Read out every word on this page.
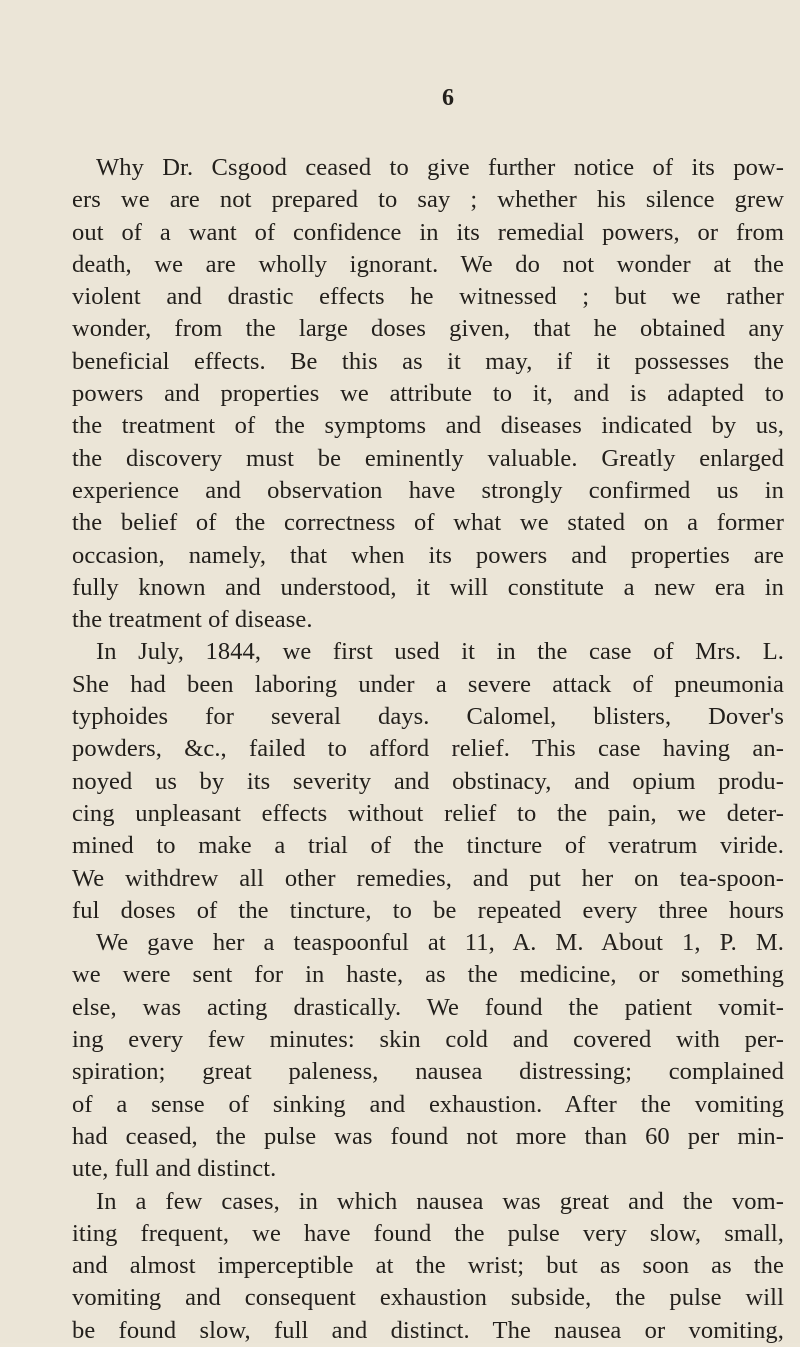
6

Why Dr. Csgood ceased to give further notice of its pow-
ers we are not prepared to say ; whether his silence grew
out of a want of confidence in its remedial powers, or from
death, we are wholly ignorant. We do not wonder at the
violent and drastic effects he witnessed ; but we rather
wonder, from the large doses given, that he obtained any
beneficial effects. Be this as it may, if it possesses the
powers and properties we attribute to it, and is adapted to
the treatment of the symptoms and diseases indicated by us,
the discovery must be eminently valuable. Greatly enlarged
experience and observation have strongly confirmed us in
the belief of the correctness of what we stated on a former
occasion, namely, that when its powers and properties are
fully known and understood, it will constitute a new era in
the treatment of disease.
In July, 1844, we first used it in the case of Mrs. L.
She had been laboring under a severe attack of pneumonia
typhoides for several days. Calomel, blisters, Dover's
powders, &c., failed to afford relief. This case having an-
noyed us by its severity and obstinacy, and opium produ-
cing unpleasant effects without relief to the pain, we deter-
mined to make a trial of the tincture of veratrum viride.
We withdrew all other remedies, and put her on tea-spoon-
ful doses of the tincture, to be repeated every three hours
We gave her a teaspoonful at 11, A. M. About 1, P. M.
we were sent for in haste, as the medicine, or something
else, was acting drastically. We found the patient vomit-
ing every few minutes: skin cold and covered with per-
spiration; great paleness, nausea distressing; complained
of a sense of sinking and exhaustion. After the vomiting
had ceased, the pulse was found not more than 60 per min-
ute, full and distinct.
In a few cases, in which nausea was great and the vom-
iting frequent, we have found the pulse very slow, small,
and almost imperceptible at the wrist; but as soon as the
vomiting and consequent exhaustion subside, the pulse will
be found slow, full and distinct. The nausea or vomiting,
